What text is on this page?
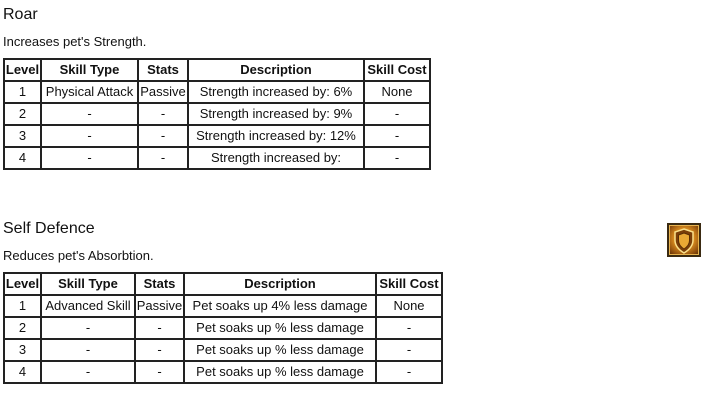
Roar

Increases pet's Strength.

Level	Skill Type	Stats	Description	Skill Cost
1	Physical Attack	Passive	Strength increased by: 6%	None
2	-	-	Strength increased by: 9%	-
3	-	-	Strength increased by: 12%	-
4	-	-	Strength increased by:	-
Self Defence

Reduces pet's Absorbtion.

Level	Skill Type	Stats	Description	Skill Cost
1	Advanced Skill	Passive	Pet soaks up 4% less damage	None
2	-	-	Pet soaks up % less damage	-
3	-	-	Pet soaks up % less damage	-
4	-	-	Pet soaks up % less damage	-
